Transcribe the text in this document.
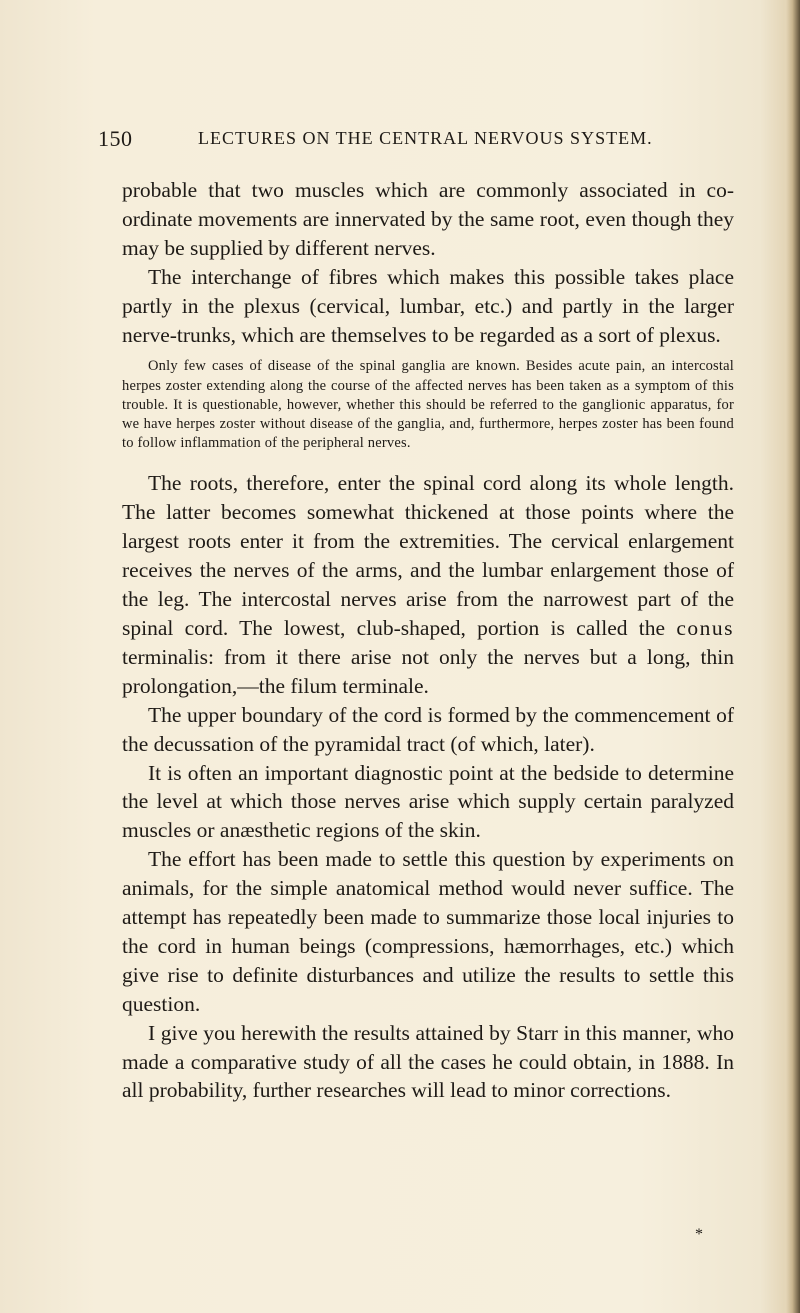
150	LECTURES ON THE CENTRAL NERVOUS SYSTEM.

probable that two muscles which are commonly associated in co-ordinate movements are innervated by the same root, even though they may be supplied by different nerves.

The interchange of fibres which makes this possible takes place partly in the plexus (cervical, lumbar, etc.) and partly in the larger nerve-trunks, which are themselves to be regarded as a sort of plexus.

Only few cases of disease of the spinal ganglia are known. Besides acute pain, an intercostal herpes zoster extending along the course of the affected nerves has been taken as a symptom of this trouble. It is questionable, however, whether this should be referred to the ganglionic apparatus, for we have herpes zoster without disease of the ganglia, and, furthermore, herpes zoster has been found to follow inflammation of the peripheral nerves.

The roots, therefore, enter the spinal cord along its whole length. The latter becomes somewhat thickened at those points where the largest roots enter it from the extremities. The cervical enlargement receives the nerves of the arms, and the lumbar enlargement those of the leg. The intercostal nerves arise from the narrowest part of the spinal cord. The lowest, club-shaped, portion is called the conus terminalis: from it there arise not only the nerves but a long, thin prolongation,—the filum terminale.

The upper boundary of the cord is formed by the commencement of the decussation of the pyramidal tract (of which, later).

It is often an important diagnostic point at the bedside to determine the level at which those nerves arise which supply certain paralyzed muscles or anæsthetic regions of the skin.

The effort has been made to settle this question by experiments on animals, for the simple anatomical method would never suffice. The attempt has repeatedly been made to summarize those local injuries to the cord in human beings (compressions, hæmorrhages, etc.) which give rise to definite disturbances and utilize the results to settle this question.

I give you herewith the results attained by Starr in this manner, who made a comparative study of all the cases he could obtain, in 1888. In all probability, further researches will lead to minor corrections.

*
